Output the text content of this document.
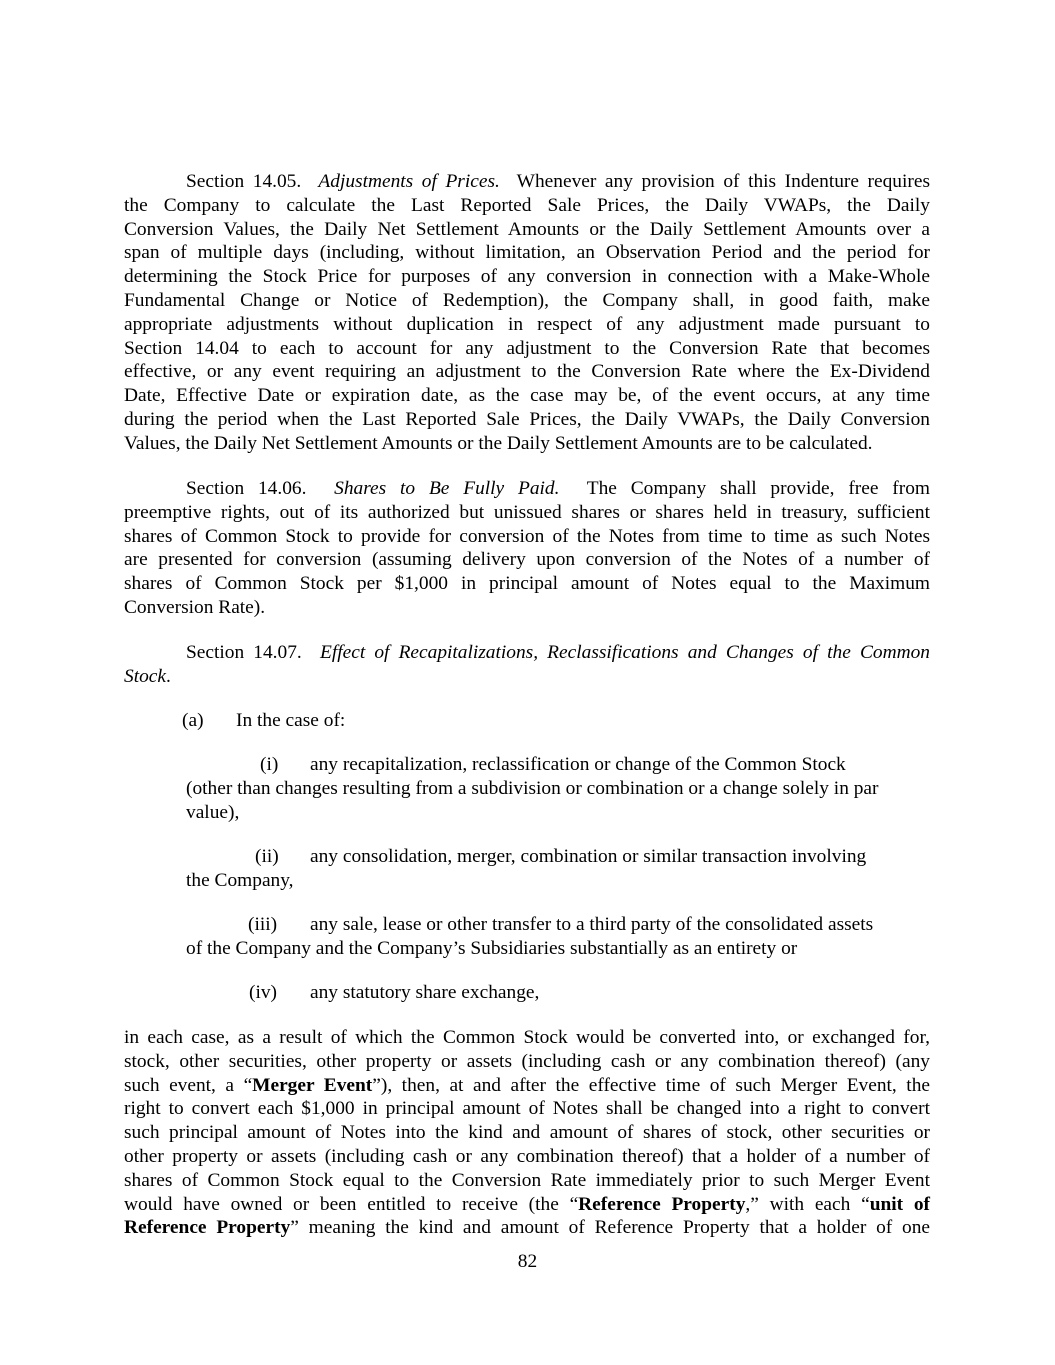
Section 14.05. Adjustments of Prices. Whenever any provision of this Indenture requires
the Company to calculate the Last Reported Sale Prices, the Daily VWAPs, the Daily
Conversion Values, the Daily Net Settlement Amounts or the Daily Settlement Amounts over a
span of multiple days (including, without limitation, an Observation Period and the period for
determining the Stock Price for purposes of any conversion in connection with a Make-Whole
Fundamental Change or Notice of Redemption), the Company shall, in good faith, make
appropriate adjustments without duplication in respect of any adjustment made pursuant to
Section 14.04 to each to account for any adjustment to the Conversion Rate that becomes
effective, or any event requiring an adjustment to the Conversion Rate where the Ex-Dividend
Date, Effective Date or expiration date, as the case may be, of the event occurs, at any time
during the period when the Last Reported Sale Prices, the Daily VWAPs, the Daily Conversion
Values, the Daily Net Settlement Amounts or the Daily Settlement Amounts are to be calculated.
Section 14.06. Shares to Be Fully Paid. The Company shall provide, free from
preemptive rights, out of its authorized but unissued shares or shares held in treasury, sufficient
shares of Common Stock to provide for conversion of the Notes from time to time as such Notes
are presented for conversion (assuming delivery upon conversion of the Notes of a number of
shares of Common Stock per $1,000 in principal amount of Notes equal to the Maximum
Conversion Rate).
Section 14.07. Effect of Recapitalizations, Reclassifications and Changes of the Common
Stock.
(a) In the case of:
(i) any recapitalization, reclassification or change of the Common Stock
(other than changes resulting from a subdivision or combination or a change solely in par
value),
(ii) any consolidation, merger, combination or similar transaction involving
the Company,
(iii) any sale, lease or other transfer to a third party of the consolidated assets
of the Company and the Company’s Subsidiaries substantially as an entirety or
(iv) any statutory share exchange,
in each case, as a result of which the Common Stock would be converted into, or exchanged for,
stock, other securities, other property or assets (including cash or any combination thereof) (any
such event, a “Merger Event”), then, at and after the effective time of such Merger Event, the
right to convert each $1,000 in principal amount of Notes shall be changed into a right to convert
such principal amount of Notes into the kind and amount of shares of stock, other securities or
other property or assets (including cash or any combination thereof) that a holder of a number of
shares of Common Stock equal to the Conversion Rate immediately prior to such Merger Event
would have owned or been entitled to receive (the “Reference Property,” with each “unit of
Reference Property” meaning the kind and amount of Reference Property that a holder of one
82
